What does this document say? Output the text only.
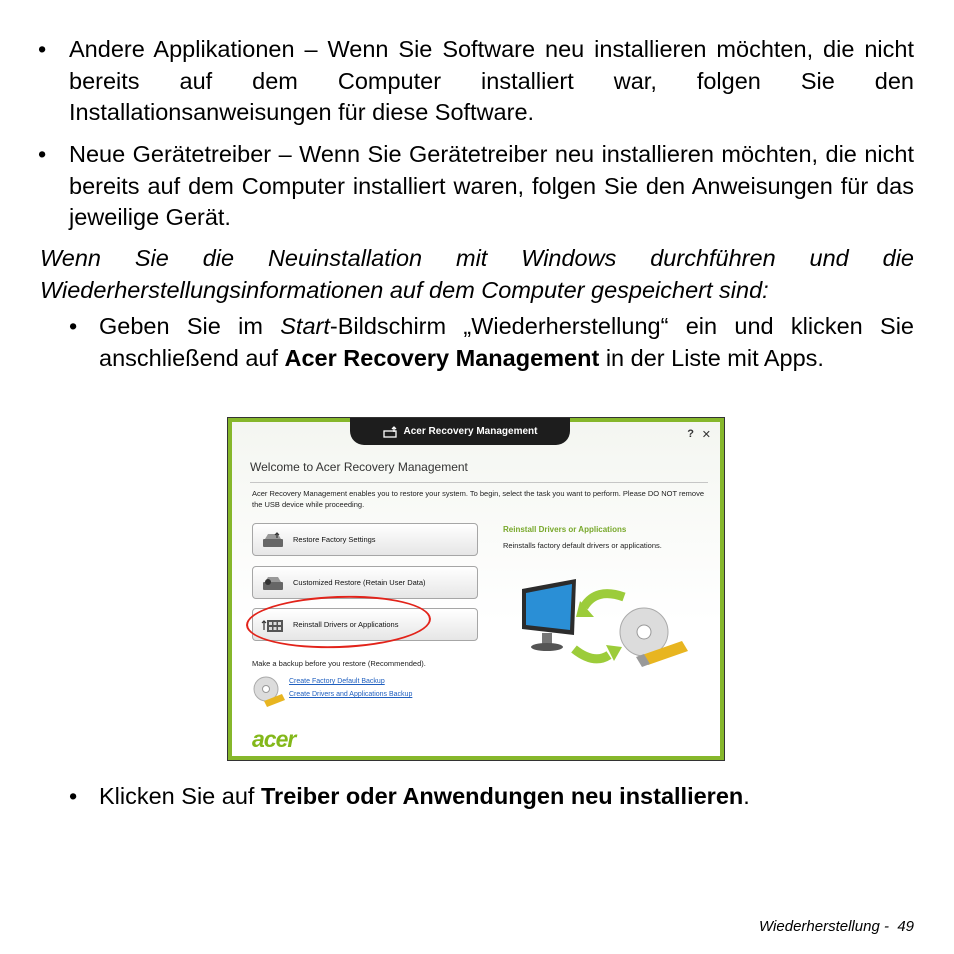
• Andere Applikationen – Wenn Sie Software neu installieren möchten, die nicht bereits auf dem Computer installiert war, folgen Sie den Installationsanweisungen für diese Software.

• Neue Gerätetreiber – Wenn Sie Gerätetreiber neu installieren möchten, die nicht bereits auf dem Computer installiert waren, folgen Sie den Anweisungen für das jeweilige Gerät.

Wenn Sie die Neuinstallation mit Windows durchführen und die Wiederherstellungsinformationen auf dem Computer gespeichert sind:

• Geben Sie im Start-Bildschirm „Wiederherstellung“ ein und klicken Sie anschließend auf Acer Recovery Management in der Liste mit Apps.

Acer Recovery Management	? ✕
Welcome to Acer Recovery Management
Acer Recovery Management enables you to restore your system. To begin, select the task you want to perform. Please DO NOT remove the USB device while proceeding.
Restore Factory Settings
Customized Restore (Retain User Data)
Reinstall Drivers or Applications
Reinstall Drivers or Applications
Reinstalls factory default drivers or applications.
Make a backup before you restore (Recommended).
Create Factory Default Backup
Create Drivers and Applications Backup
acer
• Klicken Sie auf Treiber oder Anwendungen neu installieren.

Wiederherstellung - 49
